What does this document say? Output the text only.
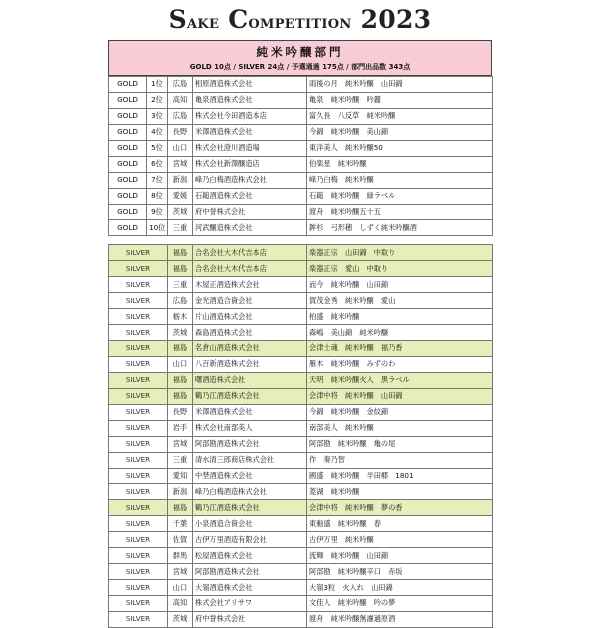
Sake Competition 2023
純米吟醸部門
GOLD 10点 / SILVER 24点 / 予選通過 175点 / 部門出品数 343点
GOLD	1位	広島	相原酒造株式会社	雨後の月　純米吟醸　山田錦
GOLD	2位	高知	亀泉酒造株式会社	亀泉　純米吟醸　吟麗
GOLD	3位	広島	株式会社今田酒造本店	富久長　八反草　純米吟醸
GOLD	4位	長野	米澤酒造株式会社	今錦　純米吟醸　美山錦
GOLD	5位	山口	株式会社澄川酒造場	東洋美人　純米吟醸50
GOLD	6位	宮城	株式会社新澤醸造店	伯楽星　純米吟醸
GOLD	7位	新潟	峰乃白梅酒造株式会社	峰乃白梅　純米吟醸
GOLD	8位	愛媛	石鎚酒造株式会社	石鎚　純米吟醸　緑ラベル
GOLD	9位	茨城	府中誉株式会社	渡舟　純米吟醸五十五
GOLD	10位	三重	河武醸造株式会社	鉾杉　弓形穂　しずく純米吟醸酒

SILVER		福島	合名会社大木代吉本店	楽器正宗　山田錦　中取り
SILVER		福島	合名会社大木代吉本店	楽器正宗　愛山　中取り
SILVER		三重	木屋正酒造株式会社	而今　純米吟醸　山田錦
SILVER		広島	金光酒造合資会社	賀茂金秀　純米吟醸　愛山
SILVER		栃木	片山酒造株式会社	柏盛　純米吟醸
SILVER		茨城	森島酒造株式会社	森嶋　美山錦　純米吟醸
SILVER		福島	名倉山酒造株式会社	会津士魂　純米吟醸　福乃香
SILVER		山口	八百新酒造株式会社	雁木　純米吟醸　みずのわ
SILVER		福島	曙酒造株式会社	天明　純米吟醸火入　黒ラベル
SILVER		福島	鶴乃江酒造株式会社	会津中将　純米吟醸　山田錦
SILVER		長野	米澤酒造株式会社	今錦　純米吟醸　金紋錦
SILVER		岩手	株式会社南部美人	南部美人　純米吟醸
SILVER		宮城	阿部勘酒造株式会社	阿部勘　純米吟醸　亀の尾
SILVER		三重	清水清三郎商店株式会社	作　奏乃智
SILVER		愛知	中埜酒造株式会社	國盛　純米吟醸　半田郷　1801
SILVER		新潟	峰乃白梅酒造株式会社	菱湖　純米吟醸
SILVER		福島	鶴乃江酒造株式会社	会津中将　純米吟醸　夢の香
SILVER		千葉	小泉酒造合資会社	東魁盛　純米吟醸　春
SILVER		佐賀	古伊万里酒造有限会社	古伊万里　純米吟醸
SILVER		群馬	松屋酒造株式会社	流輝　純米吟醸　山田錦
SILVER		宮城	阿部勘酒造株式会社	阿部勘　純米吟醸辛口　赤坂
SILVER		山口	大嶺酒造株式会社	大嶺3粒　火入れ　山田錦
SILVER		高知	株式会社アリサワ	文佳人　純米吟醸　吟の夢
SILVER		茨城	府中誉株式会社	渡舟　純米吟醸無濾過原酒
